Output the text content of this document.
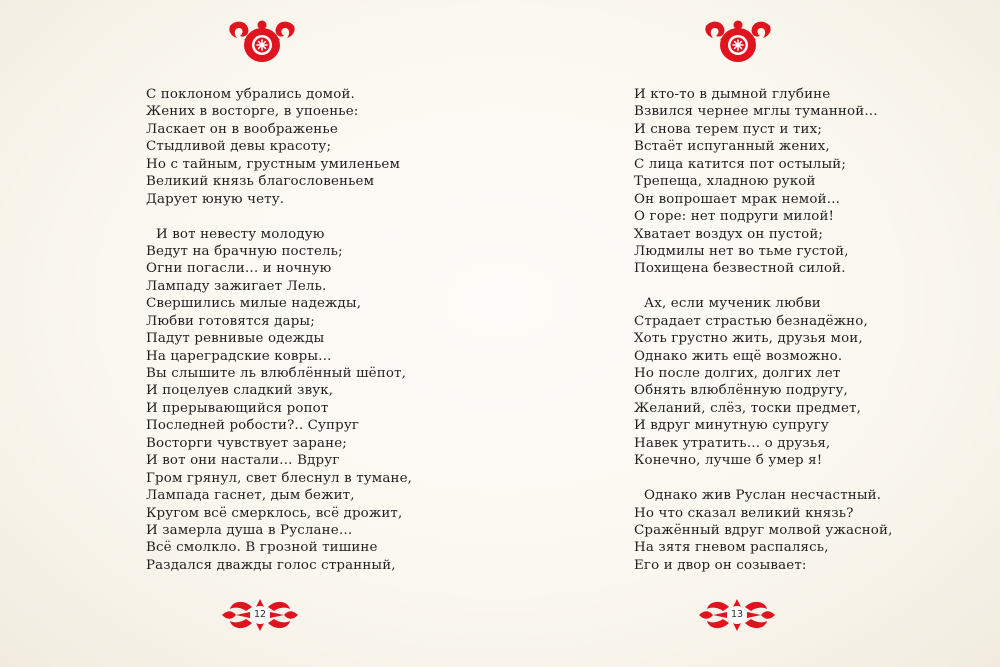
С поклоном убрались домой.
Жених в восторге, в упоенье:
Ласкает он в воображенье
Стыдливой девы красоту;
Но с тайным, грустным умиленьем
Великий князь благословеньем
Дарует юную чету.
И вот невесту молодую
Ведут на брачную постель;
Огни погасли… и ночную
Лампаду зажигает Лель.
Свершились милые надежды,
Любви готовятся дары;
Падут ревнивые одежды
На цареградские ковры…
Вы слышите ль влюблённый шёпот,
И поцелуев сладкий звук,
И прерывающийся ропот
Последней робости?.. Супруг
Восторги чувствует заране;
И вот они настали… Вдруг
Гром грянул, свет блеснул в тумане,
Лампада гаснет, дым бежит,
Кругом всё смерклось, всё дрожит,
И замерла душа в Руслане…
Всё смолкло. В грозной тишине
Раздался дважды голос странный,
12
И кто-то в дымной глубине
Взвился чернее мглы туманной…
И снова терем пуст и тих;
Встаёт испуганный жених,
С лица катится пот остылый;
Трепеща, хладною рукой
Он вопрошает мрак немой…
О горе: нет подруги милой!
Хватает воздух он пустой;
Людмилы нет во тьме густой,
Похищена безвестной силой.
Ах, если мученик любви
Страдает страстью безнадёжно,
Хоть грустно жить, друзья мои,
Однако жить ещё возможно.
Но после долгих, долгих лет
Обнять влюблённую подругу,
Желаний, слёз, тоски предмет,
И вдруг минутную супругу
Навек утратить… о друзья,
Конечно, лучше б умер я!
Однако жив Руслан несчастный.
Но что сказал великий князь?
Сражённый вдруг молвой ужасной,
На зятя гневом распалясь,
Его и двор он созывает:
13
